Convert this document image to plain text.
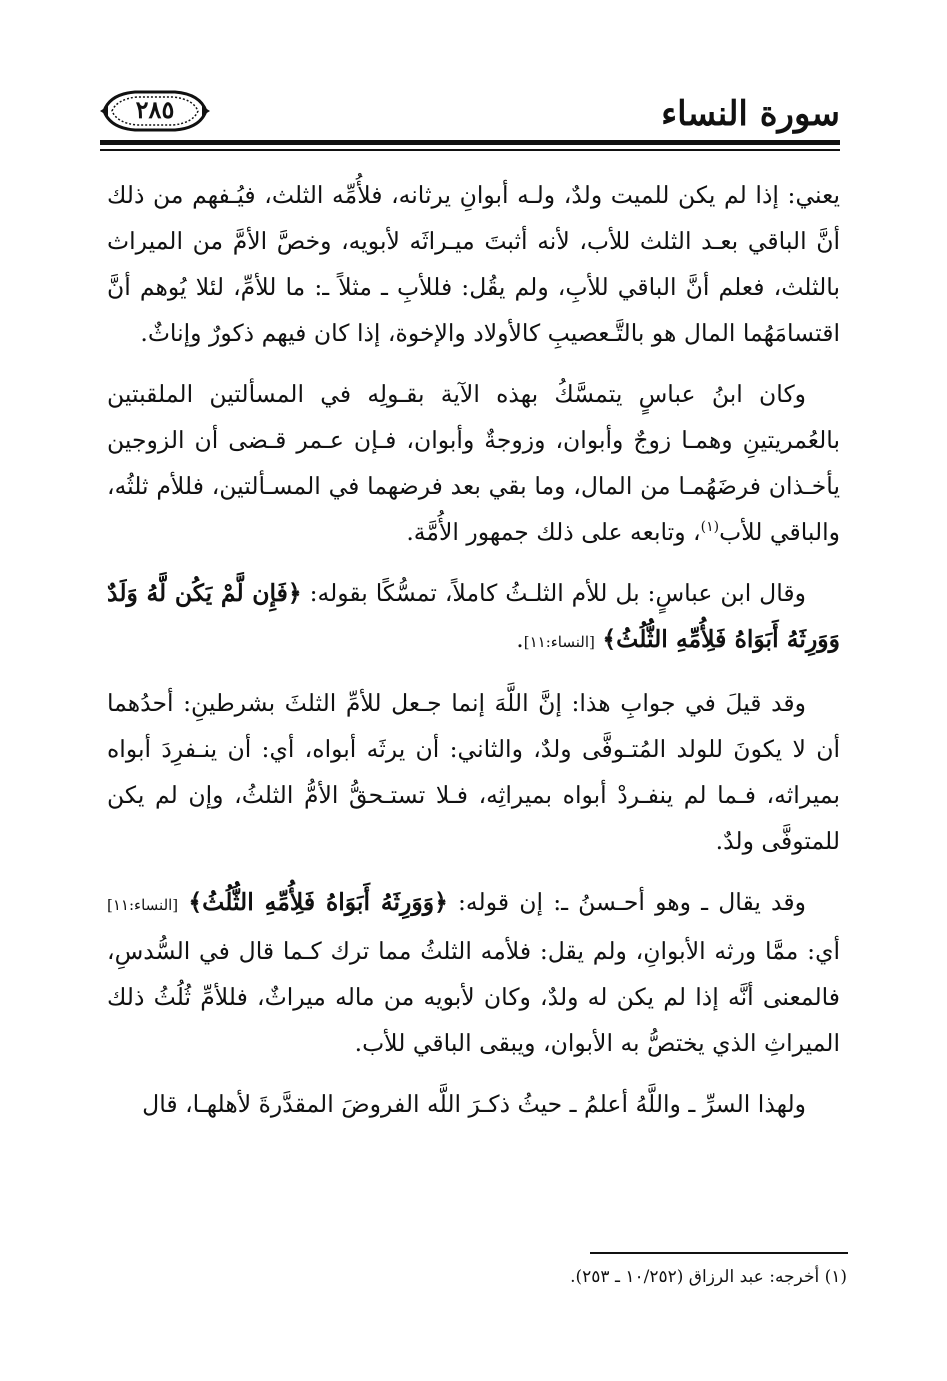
سورة النساء
٢٨٥

يعني: إذا لم يكن للميت ولدٌ، ولـه أبوانِ يرثانه، فلأُمِّه الثلث، فيُـفهم من ذلك أنَّ الباقي بعـد الثلث للأب، لأنه أثبتَ ميـراثَه لأبويه، وخصَّ الأمَّ من الميراث بالثلث، فعلم أنَّ الباقي للأبِ، ولم يقُل: فللأبِ ـ مثلاً ـ: ما للأمِّ، لئلا يُوهم أنَّ اقتسامَهُما المال هو بالتَّـعصيبِ كالأولاد والإخوة، إذا كان فيهم ذكورٌ وإناثٌ.

وكان ابنُ عباسٍ يتمسَّكُ بهذه الآية بقـولِه في المسألتين الملقبتين بالعُمريتينِ وهمـا زوجٌ وأبوان، وزوجةٌ وأبوان، فـإن عـمر قـضى أن الزوجين يأخـذان فرضَهُمـا من المال، وما بقي بعد فرضهما في المسـألتين، فللأم ثلثُه، والباقي للأب$^{(١)}$، وتابعه على ذلك جمهور الأُمَّة.

وقال ابن عباسٍ: بل للأم الثلـثُ كاملاً، تمسُّكًا بقوله: ﴿فَإِن لَّمْ يَكُن لَّهُ وَلَدٌ وَوَرِثَهُ أَبَوَاهُ فَلِأُمِّهِ الثُّلُثُ﴾ [النساء:١١].

وقد قيلَ في جوابِ هذا: إنَّ اللَّهَ إنما جـعل للأمِّ الثلثَ بشرطينِ: أحدُهما أن لا يكونَ للولد المُتـوفَّى ولدٌ، والثاني: أن يرثَه أبواه، أي: أن ينـفرِدَ أبواه بميراثه، فـما لم ينفـردْ أبواه بميراثِه، فـلا تستـحقُّ الأمُّ الثلثُ، وإن لم يكن للمتوفَّى ولدٌ.

وقد يقال ـ وهو أحـسنُ ـ: إن قوله: ﴿وَوَرِثَهُ أَبَوَاهُ فَلِأُمِّهِ الثُّلُثُ﴾ [النساء:١١] أي: ممَّا ورثه الأبوانِ، ولم يقل: فلأمه الثلثُ مما ترك كـما قال في السُّدسِ، فالمعنى أنَّه إذا لم يكن له ولدٌ، وكان لأبويه من ماله ميراثٌ، فللأمِّ ثُلُثُ ذلك الميراثِ الذي يختصُّ به الأبوان، ويبقى الباقي للأب.

ولهذا السرِّ ـ واللَّهُ أعلمُ ـ حيثُ ذكـرَ اللَّه الفروضَ المقدَّرةَ لأهلهـا، قال

(١) أخرجه: عبد الرزاق (١٠/٢٥٢ ـ ٢٥٣).
